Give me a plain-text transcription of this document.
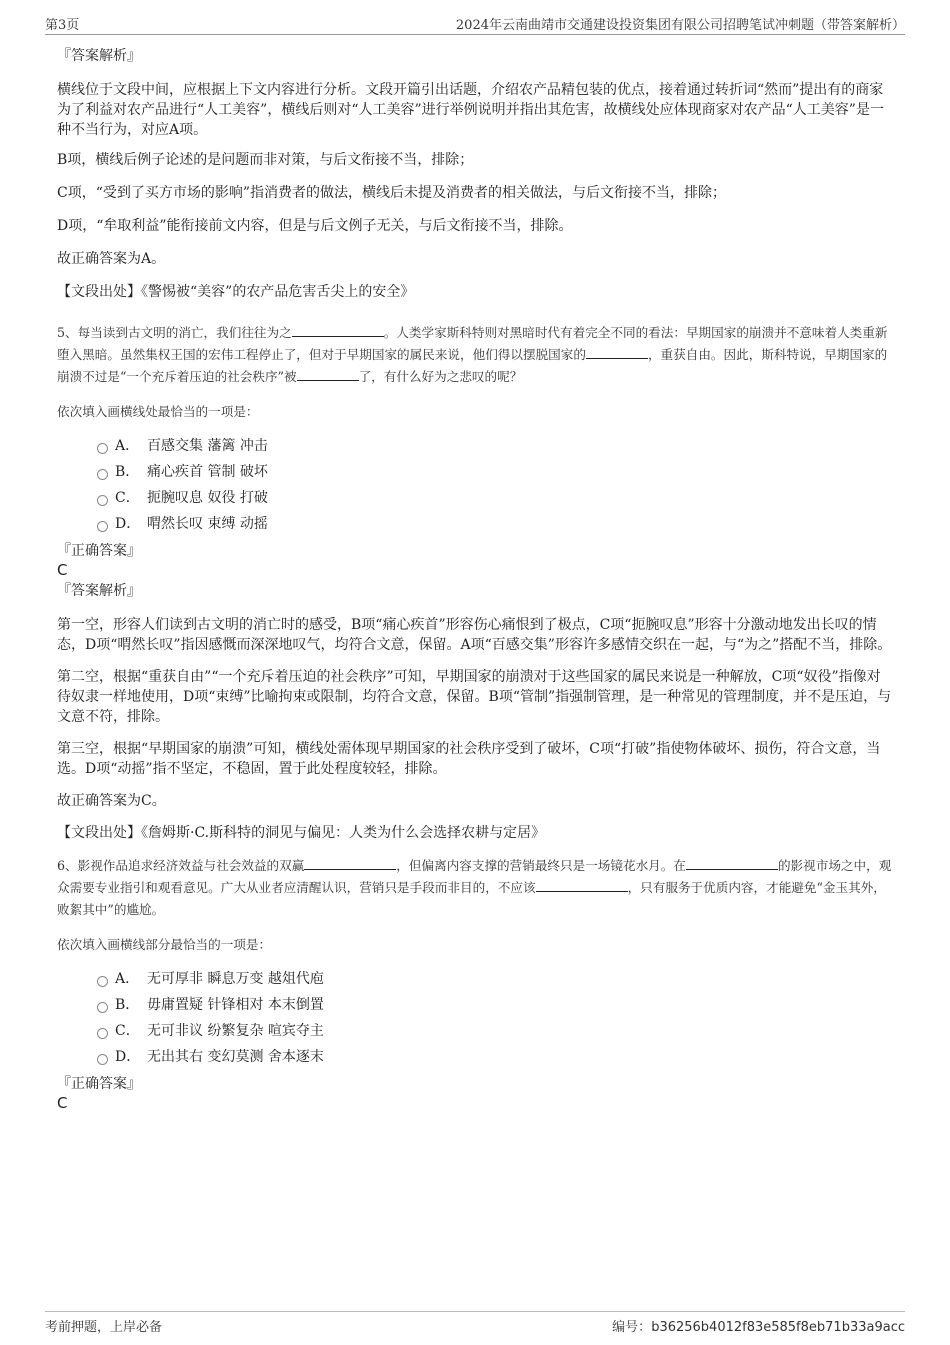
第3页	2024年云南曲靖市交通建设投资集团有限公司招聘笔试冲刺题（带答案解析）

『答案解析』

横线位于文段中间，应根据上下文内容进行分析。文段开篇引出话题，介绍农产品精包装的优点，接着通过转折词“然而”提出有的商家为了利益对农产品进行“人工美容”，横线后则对“人工美容”进行举例说明并指出其危害，故横线处应体现商家对农产品“人工美容”是一种不当行为，对应A项。

B项，横线后例子论述的是问题而非对策，与后文衔接不当，排除；

C项，“受到了买方市场的影响”指消费者的做法，横线后未提及消费者的相关做法，与后文衔接不当，排除；

D项，“牟取利益”能衔接前文内容，但是与后文例子无关，与后文衔接不当，排除。

故正确答案为A。

【文段出处】《警惕被“美容”的农产品危害舌尖上的安全》

5、每当读到古文明的消亡，我们往往为之	。人类学家斯科特则对黑暗时代有着完全不同的看法：早期国家的崩溃并不意味着人类重新堕入黑暗。虽然集权王国的宏伟工程停止了，但对于早期国家的属民来说，他们得以摆脱国家的	，重获自由。因此，斯科特说，早期国家的崩溃不过是“一个充斥着压迫的社会秩序”被	了，有什么好为之悲叹的呢？

依次填入画横线处最恰当的一项是：

A． 百感交集 藩篱 冲击
B． 痛心疾首 管制 破坏
C． 扼腕叹息 奴役 打破
D． 喟然长叹 束缚 动摇

『正确答案』

C

『答案解析』

第一空，形容人们读到古文明的消亡时的感受，B项“痛心疾首”形容伤心痛恨到了极点，C项“扼腕叹息”形容十分激动地发出长叹的情态，D项“喟然长叹”指因感慨而深深地叹气，均符合文意，保留。A项“百感交集”形容许多感情交织在一起，与“为之”搭配不当，排除。

第二空，根据“重获自由”“一个充斥着压迫的社会秩序”可知，早期国家的崩溃对于这些国家的属民来说是一种解放，C项“奴役”指像对待奴隶一样地使用，D项“束缚”比喻拘束或限制，均符合文意，保留。B项“管制”指强制管理，是一种常见的管理制度，并不是压迫，与文意不符，排除。

第三空，根据“早期国家的崩溃”可知，横线处需体现早期国家的社会秩序受到了破坏，C项“打破”指使物体破坏、损伤，符合文意，当选。D项“动摇”指不坚定，不稳固，置于此处程度较轻，排除。

故正确答案为C。

【文段出处】《詹姆斯·C.斯科特的洞见与偏见：人类为什么会选择农耕与定居》

6、影视作品追求经济效益与社会效益的双赢	，但偏离内容支撑的营销最终只是一场镜花水月。在	的影视市场之中，观众需要专业指引和观看意见。广大从业者应清醒认识，营销只是手段而非目的，不应该	，只有服务于优质内容，才能避免“金玉其外，败絮其中”的尴尬。

依次填入画横线部分最恰当的一项是：

A． 无可厚非 瞬息万变 越俎代庖
B． 毋庸置疑 针锋相对 本末倒置
C． 无可非议 纷繁复杂 喧宾夺主
D． 无出其右 变幻莫测 舍本逐末

『正确答案』

C

考前押题，上岸必备	编号：b36256b4012f83e585f8eb71b33a9acc
